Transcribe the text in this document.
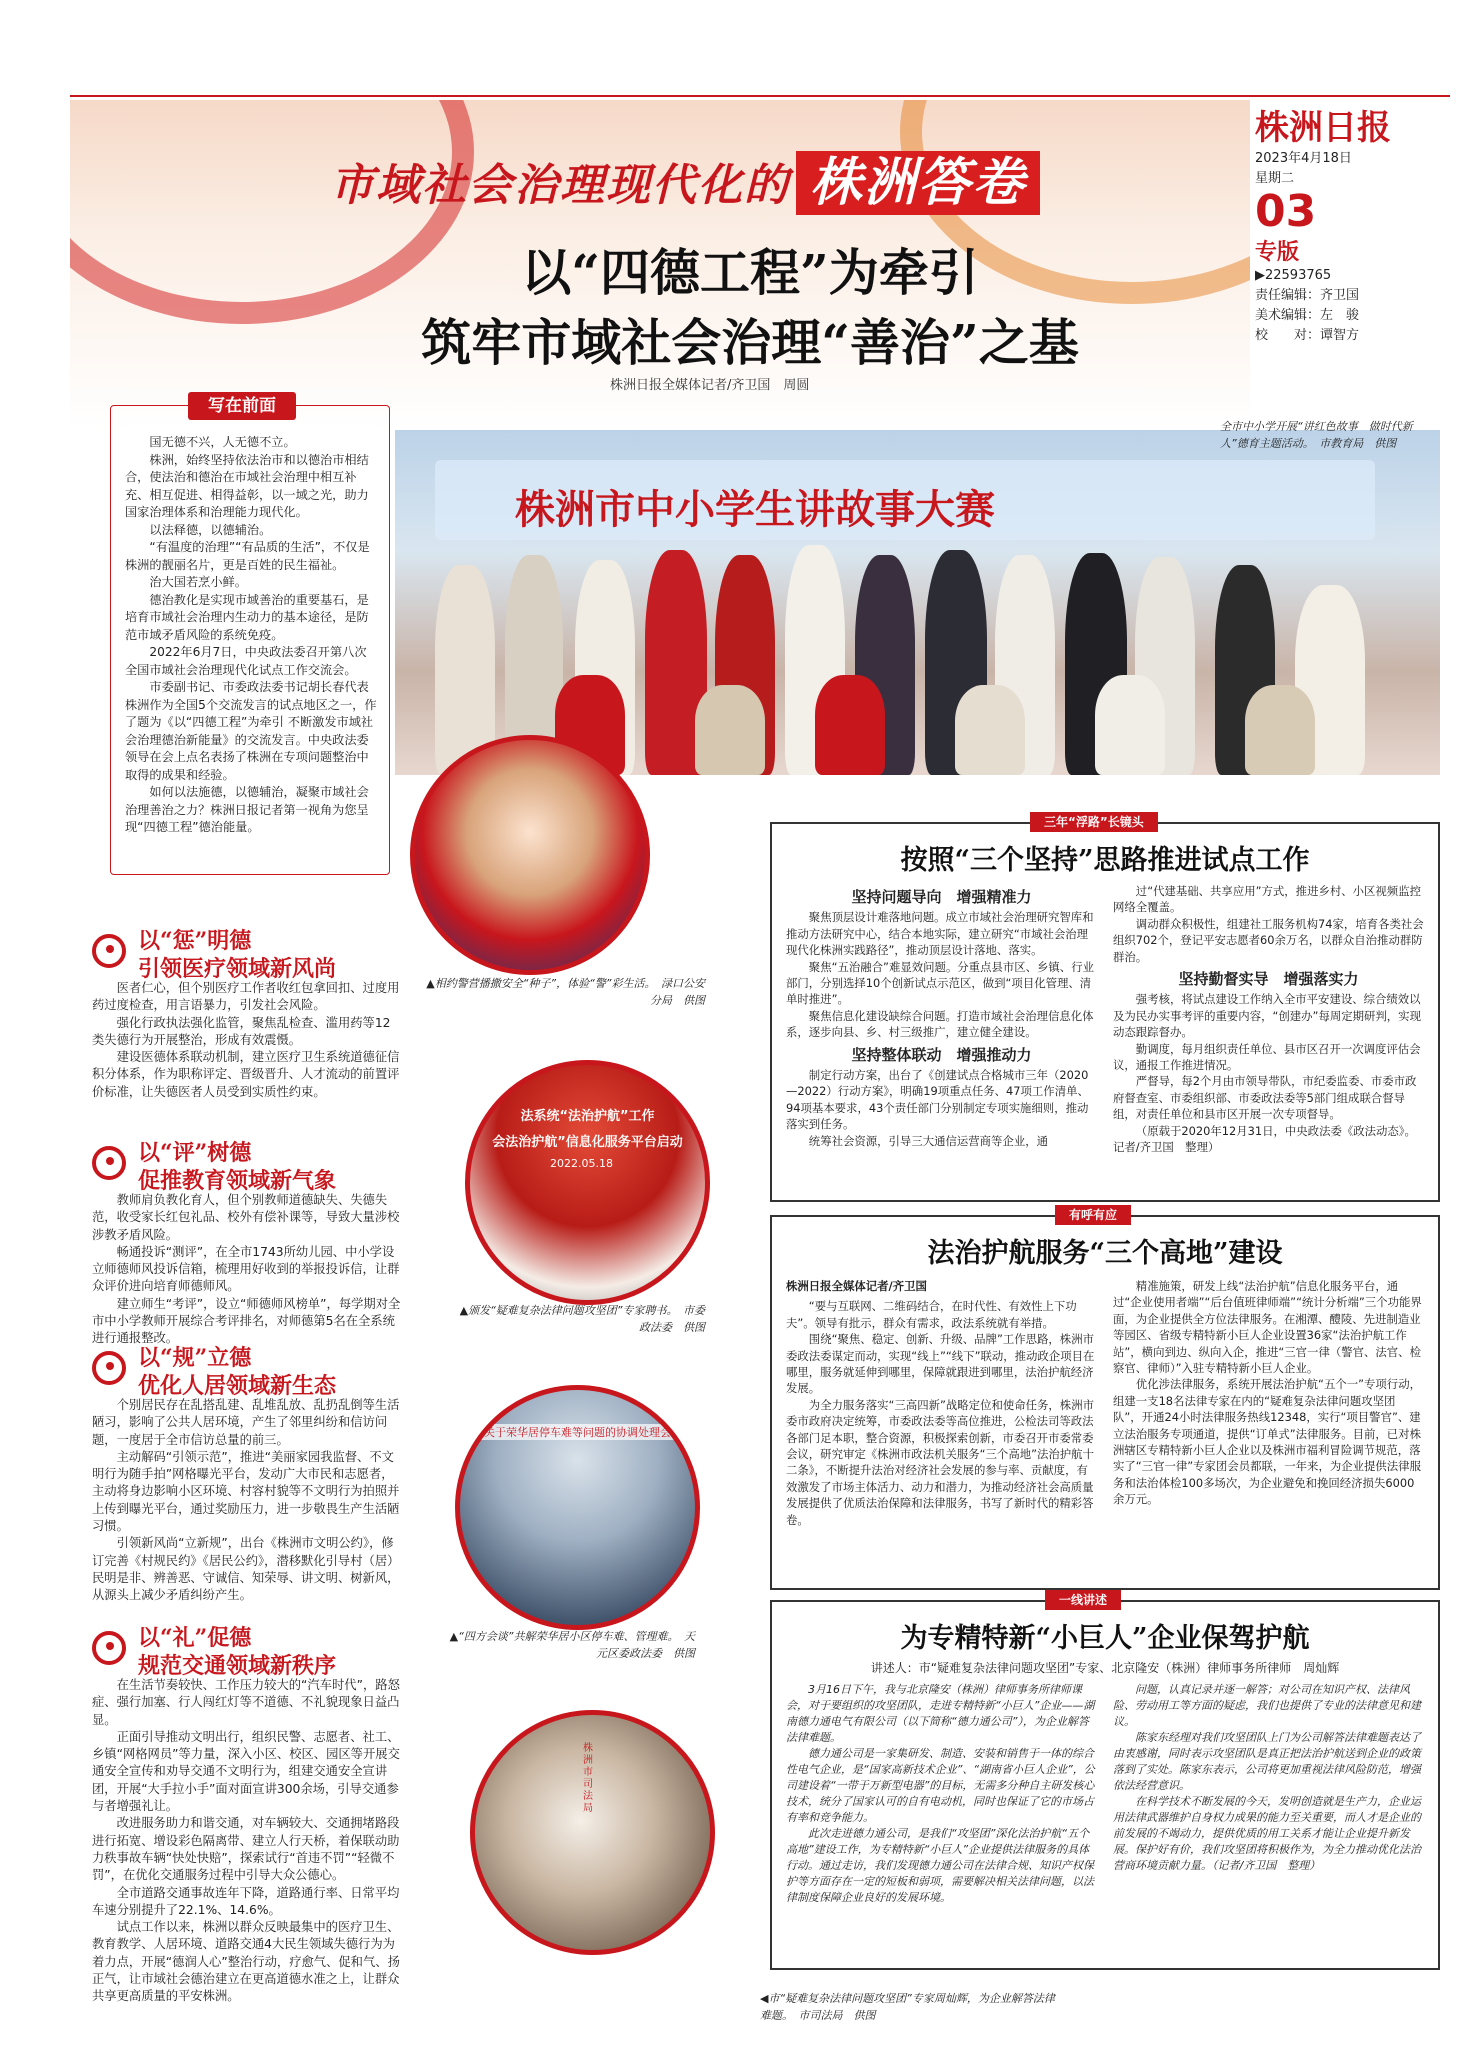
市域社会治理现代化的 株洲答卷
以“四德工程”为牵引
筑牢市域社会治理“善治”之基
株洲日报全媒体记者/齐卫国　周圆
株洲日报
2023年4月18日
星期二
03
专版
▶22593765
责任编辑：齐卫国
美术编辑：左　骏
校　　对：谭智方
株洲市中小学生讲故事大赛
全市中小学开展“讲红色故事　做时代新人”德育主题活动。　市教育局　供图

国无德不兴，人无德不立。

株洲，始终坚持依法治市和以德治市相结合，使法治和德治在市域社会治理中相互补充、相互促进、相得益彰，以一域之光，助力国家治理体系和治理能力现代化。

以法释德，以德辅治。

“有温度的治理”“有品质的生活”，不仅是株洲的靓丽名片，更是百姓的民生福祉。

治大国若烹小鲜。

德治教化是实现市域善治的重要基石，是培育市域社会治理内生动力的基本途径，是防范市域矛盾风险的系统免疫。

2022年6月7日，中央政法委召开第八次全国市域社会治理现代化试点工作交流会。

市委副书记、市委政法委书记胡长春代表株洲作为全国5个交流发言的试点地区之一，作了题为《以“四德工程”为牵引 不断激发市域社会治理德治新能量》的交流发言。中央政法委领导在会上点名表扬了株洲在专项问题整治中取得的成果和经验。

如何以法施德，以德辅治，凝聚市域社会治理善治之力？株洲日报记者第一视角为您呈现“四德工程”德治能量。

写在前面
▲相约警营播撒安全“种子”，体验“警”彩生活。　渌口公安分局　供图
法系统“法治护航”工作
会法治护航”信息化服务平台启动
2022.05.18
▲颁发“疑难复杂法律问题攻坚团”专家聘书。　市委政法委　供图
关于荣华居停车难等问题的协调处理会
▲“四方会谈”共解荣华居小区停车难、管理难。　天元区委政法委　供图
株洲市司法局
◀市“疑难复杂法律问题攻坚团”专家周灿辉，为企业解答法律难题。　市司法局　供图
以“惩”明德
引领医疗领域新风尚

医者仁心，但个别医疗工作者收红包拿回扣、过度用药过度检查，用言语暴力，引发社会风险。

强化行政执法强化监管，聚焦乱检查、滥用药等12类失德行为开展整治，形成有效震慑。

建设医德体系联动机制，建立医疗卫生系统道德征信积分体系，作为职称评定、晋级晋升、人才流动的前置评价标准，让失德医者人员受到实质性约束。

以“评”树德
促推教育领域新气象

教师肩负教化育人，但个别教师道德缺失、失德失范，收受家长红包礼品、校外有偿补课等，导致大量涉校涉教矛盾风险。

畅通投诉“测评”，在全市1743所幼儿园、中小学设立师德师风投诉信箱，梳理用好收到的举报投诉信，让群众评价进向培育师德师风。

建立师生“考评”，设立“师德师风榜单”，每学期对全市中小学教师开展综合考评排名，对师德第5名在全系统进行通报整改。

以“规”立德
优化人居领域新生态

个别居民存在乱搭乱建、乱堆乱放、乱扔乱倒等生活陋习，影响了公共人居环境，产生了邻里纠纷和信访问题，一度居于全市信访总量的前三。

主动解码“引领示范”，推进“美丽家园我监督、不文明行为随手拍”网格曝光平台，发动广大市民和志愿者，主动将身边影响小区环境、村容村貌等不文明行为拍照并上传到曝光平台，通过奖励压力，进一步敬畏生产生活陋习惯。

引领新风尚“立新规”，出台《株洲市文明公约》，修订完善《村规民约》《居民公约》，潜移默化引导村（居）民明是非、辨善恶、守诚信、知荣辱、讲文明、树新风，从源头上减少矛盾纠纷产生。

以“礼”促德
规范交通领域新秩序

在生活节奏较快、工作压力较大的“汽车时代”，路怒症、强行加塞、行人闯红灯等不道德、不礼貌现象日益凸显。

正面引导推动文明出行，组织民警、志愿者、社工、乡镇“网格网员”等力量，深入小区、校区、园区等开展交通安全宣传和劝导交通不文明行为，组建交通安全宣讲团，开展“大手拉小手”面对面宣讲300余场，引导交通参与者增强礼让。

改进服务助力和谐交通，对车辆较大、交通拥堵路段进行拓宽、增设彩色隔离带、建立人行天桥，着保联动助力秩事故车辆“快处快赔”，探索试行“首违不罚”“轻微不罚”，在优化交通服务过程中引导大众公德心。

全市道路交通事故连年下降，道路通行率、日常平均车速分别提升了22.1%、14.6%。

试点工作以来，株洲以群众反映最集中的医疗卫生、教育教学、人居环境、道路交通4大民生领域失德行为为着力点，开展“德润人心”整治行动，疗愈气、促和气、扬正气，让市域社会德治建立在更高道德水准之上，让群众共享更高质量的平安株洲。

按照“三个坚持”思路推进试点工作
坚持问题导向　增强精准力

聚焦顶层设计难落地问题。成立市域社会治理研究智库和推动方法研究中心，结合本地实际，建立研究“市域社会治理现代化株洲实践路径”，推动顶层设计落地、落实。

聚焦“五治融合”难显效问题。分重点县市区、乡镇、行业部门，分别选择10个创新试点示范区，做到“项目化管理、清单时推进”。

聚焦信息化建设缺综合问题。打造市域社会治理信息化体系，逐步向县、乡、村三级推广，建立健全建设。

坚持整体联动　增强推动力

制定行动方案，出台了《创建试点合格城市三年（2020—2022）行动方案》，明确19项重点任务、47项工作清单、94项基本要求，43个责任部门分别制定专项实施细则，推动落实到任务。

统筹社会资源，引导三大通信运营商等企业，通

过“代建基础、共享应用”方式，推进乡村、小区视频监控网络全覆盖。

调动群众积极性，组建社工服务机构74家，培育各类社会组织702个，登记平安志愿者60余万名，以群众自治推动群防群治。

坚持勤督实导　增强落实力

强考核，将试点建设工作纳入全市平安建设、综合绩效以及为民办实事考评的重要内容，“创建办”每周定期研判，实现动态跟踪督办。

勤调度，每月组织责任单位、县市区召开一次调度评估会议，通报工作推进情况。

严督导，每2个月由市领导带队，市纪委监委、市委市政府督查室、市委组织部、市委政法委等5部门组成联合督导组，对责任单位和县市区开展一次专项督导。

（原载于2020年12月31日，中央政法委《政法动态》。记者/齐卫国　整理）

三年“浮路”长镜头
法治护航服务“三个高地”建设
株洲日报全媒体记者/齐卫国

“要与互联网、二维码结合，在时代性、有效性上下功夫”。领导有批示，群众有需求，政法系统就有举措。

围绕“聚焦、稳定、创新、升级、品牌”工作思路，株洲市委政法委谋定而动，实现“线上”“线下”联动，推动政企项目在哪里，服务就延伸到哪里，保障就跟进到哪里，法治护航经济发展。

为全力服务落实“三高四新”战略定位和使命任务，株洲市委市政府决定统筹，市委政法委等高位推进，公检法司等政法各部门足本职，整合资源，积极探索创新，市委召开市委常委会议，研究审定《株洲市政法机关服务“三个高地”法治护航十二条》，不断提升法治对经济社会发展的参与率、贡献度，有效激发了市场主体活力、动力和潜力，为推动经济社会高质量发展提供了优质法治保障和法律服务，书写了新时代的精彩答卷。

精准施策，研发上线“法治护航”信息化服务平台，通过“企业使用者端”“后台值班律师端”“统计分析端”三个功能界面，为企业提供全方位法律服务。在湘潭、醴陵、先进制造业等园区、省级专精特新小巨人企业设置36家“法治护航工作站”，横向到边、纵向入企，推进“三官一律（警官、法官、检察官、律师）”入驻专精特新小巨人企业。

优化涉法律服务，系统开展法治护航“五个一”专项行动，组建一支18名法律专家在内的“疑难复杂法律问题攻坚团队”，开通24小时法律服务热线12348，实行“项目警官”、建立法治服务专项通道，提供“订单式”法律服务。目前，已对株洲辖区专精特新小巨人企业以及株洲市福利冒险调节规范，落实了“三官一律”专家团会员都联，一年来，为企业提供法律服务和法治体检100多场次，为企业避免和挽回经济损失6000余万元。

有呼有应
为专精特新“小巨人”企业保驾护航
讲述人：市“疑难复杂法律问题攻坚团”专家、北京隆安（株洲）律师事务所律师　周灿辉

3月16日下午，我与北京隆安（株洲）律师事务所律师课会，对于要组织的攻坚团队，走进专精特新“小巨人”企业——湖南德力通电气有限公司（以下简称“德力通公司”），为企业解答法律难题。

德力通公司是一家集研发、制造、安装和销售于一体的综合性电气企业，是“国家高新技术企业”、“湖南省小巨人企业”，公司建设着“一带于万新型电器”的目标，无需多分种自主研发核心技术，统分了国家认可的自有电动机，同时也保证了它的市场占有率和竞争能力。

此次走进德力通公司，是我们“攻坚团”深化法治护航“五个高地”建设工作，为专精特新“小巨人”企业提供法律服务的具体行动。通过走访，我们发现德力通公司在法律合规、知识产权保护等方面存在一定的短板和弱项，需要解决相关法律问题，以法律制度保障企业良好的发展环境。

问题，认真记录并逐一解答；对公司在知识产权、法律风险、劳动用工等方面的疑虑，我们也提供了专业的法律意见和建议。

陈家东经理对我们攻坚团队上门为公司解答法律难题表达了由衷感谢，同时表示攻坚团队是真正把法治护航送到企业的政策落到了实处。陈家东表示，公司将更加重视法律风险防范，增强依法经营意识。

在科学技术不断发展的今天，发明创造就是生产力，企业运用法律武器维护自身权力成果的能力至关重要，而人才是企业的前发展的不竭动力，提供优质的用工关系才能让企业提升新发展。保护好有价，我们攻坚团将积极作为，为全力推动优化法治营商环境贡献力量。（记者/齐卫国　整理）

一线讲述
